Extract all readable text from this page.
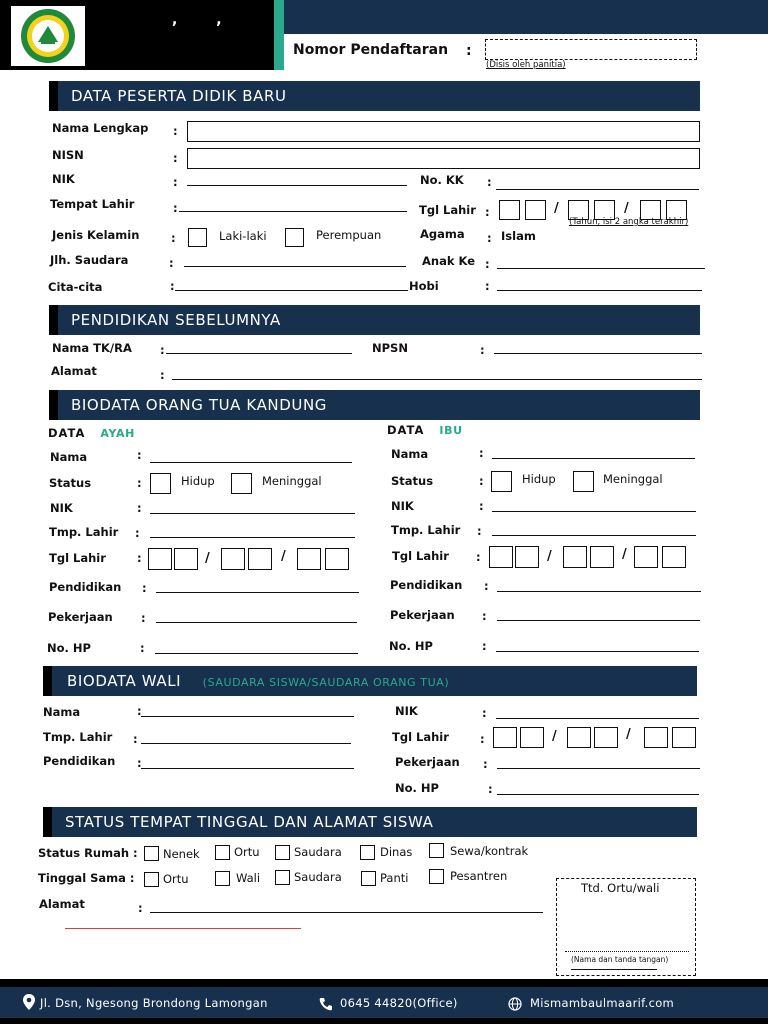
,        ,
Nomor Pendaftaran :
(Disis oleh panitia)
DATA PESERTA DIDIK BARU
Nama Lengkap :
NISN	:
NIK	:	No. KK :
Tempat Lahir	:	Tgl Lahir :	/	/
(Tahun, isi 2 angka terakhir)
Jenis Kelamin	:	Laki-laki	Perempuan	Agama : Islam
Jlh. Saudara	:	Anak Ke :
Cita-cita	:	Hobi	:
PENDIDIKAN SEBELUMNYA
Nama TK/RA :	NPSN	:
Alamat	:
BIODATA ORANG TUA KANDUNG
DATA AYAH	DATA IBU
Nama	:
Status	:	Hidup	Meninggal
NIK	:
Tmp. Lahir :
Tgl Lahir	:	/	/
Pendidikan :
Pekerjaan :
No. HP	:
Nama	:
Status	:	Hidup	Meninggal
NIK	:
Tmp. Lahir :
Tgl Lahir :	/	/
Pendidikan :
Pekerjaan :
No. HP	:
BIODATA WALI (SAUDARA SISWA/SAUDARA ORANG TUA)
Nama	:
Tmp. Lahir :
Pendidikan :
NIK	:
Tgl Lahir	:	/	/
Pekerjaan :
No. HP	:
STATUS TEMPAT TINGGAL DAN ALAMAT SISWA
Status Rumah : Nenek	Ortu	Saudara	Dinas	Sewa/kontrak
Tinggal Sama : Ortu	Wali	Saudara	Panti	Pesantren
Alamat	:
Ttd. Ortu/wali
(Nama dan tanda tangan)
Jl. Dsn, Ngesong Brondong Lamongan	0645 44820(Office)	Mismambaulmaarif.com
